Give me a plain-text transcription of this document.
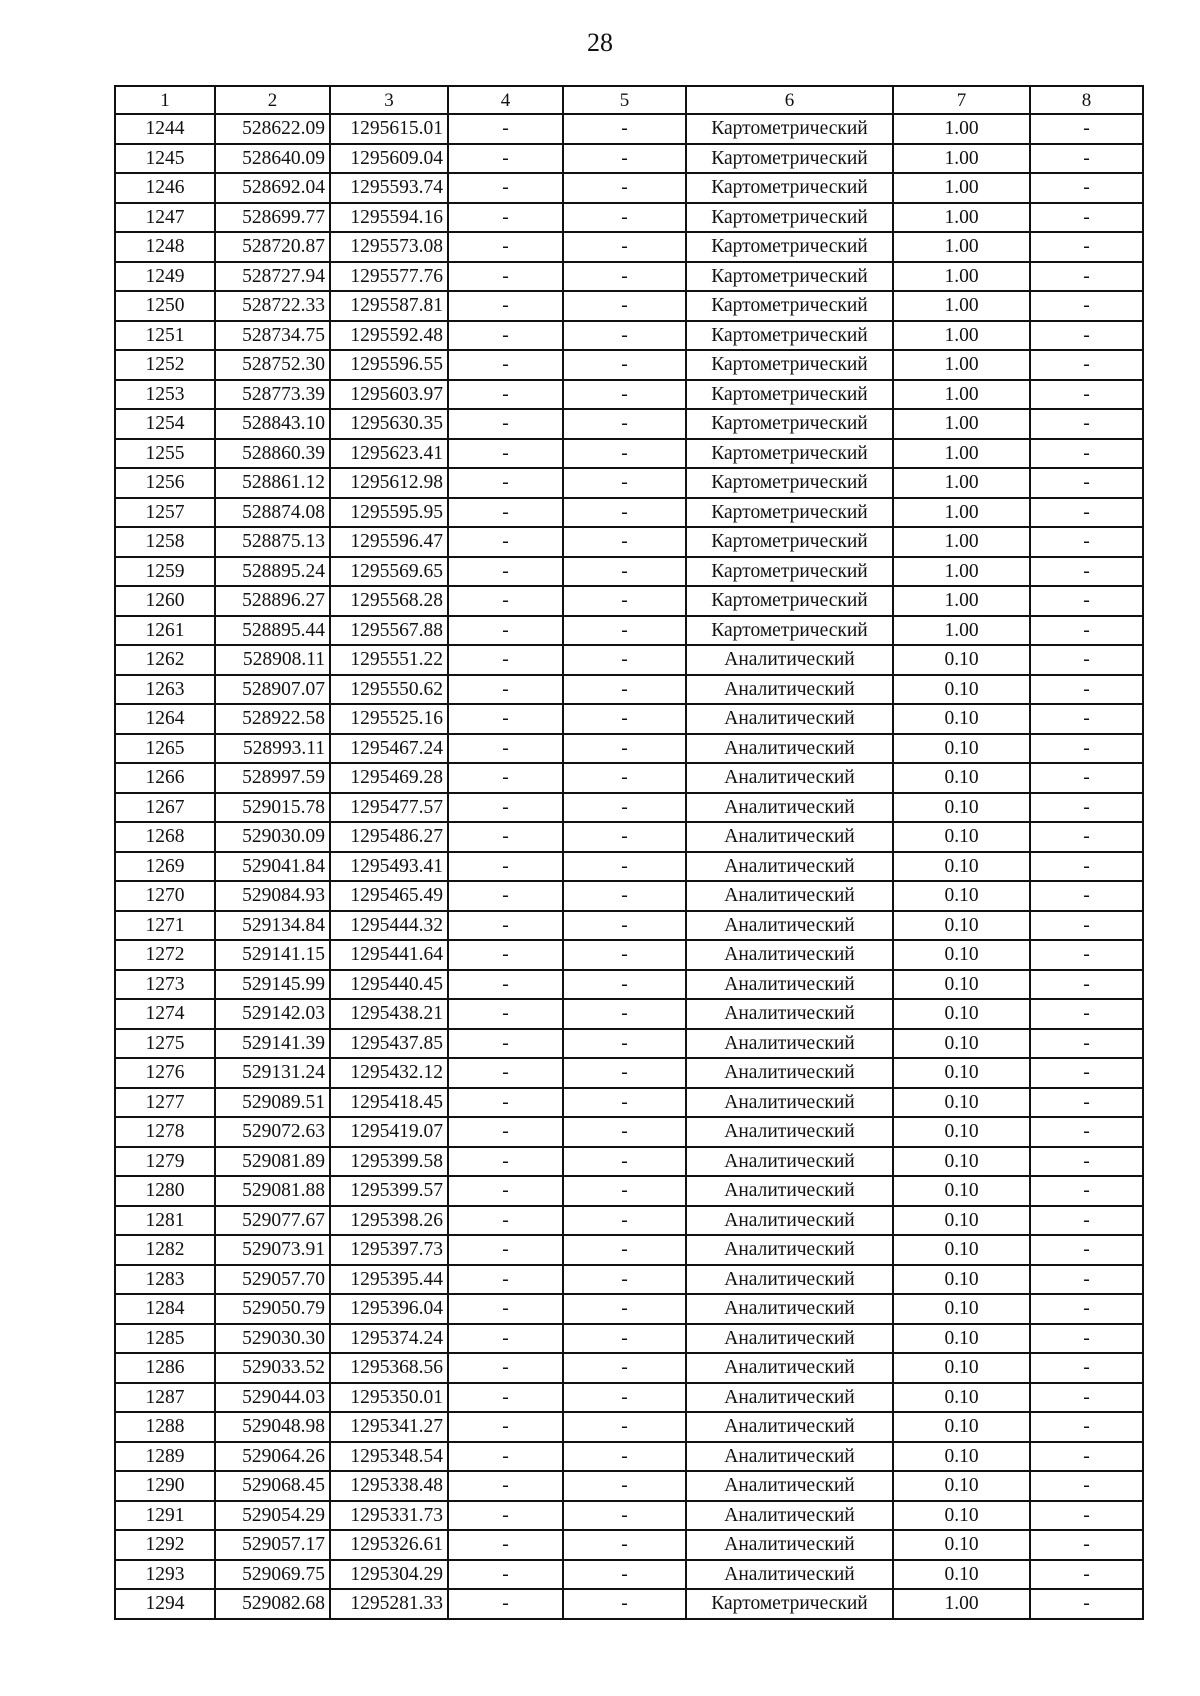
28
1	2	3	4	5	6	7	8
1244	528622.09	1295615.01	-	-	Картометрический	1.00	-
1245	528640.09	1295609.04	-	-	Картометрический	1.00	-
1246	528692.04	1295593.74	-	-	Картометрический	1.00	-
1247	528699.77	1295594.16	-	-	Картометрический	1.00	-
1248	528720.87	1295573.08	-	-	Картометрический	1.00	-
1249	528727.94	1295577.76	-	-	Картометрический	1.00	-
1250	528722.33	1295587.81	-	-	Картометрический	1.00	-
1251	528734.75	1295592.48	-	-	Картометрический	1.00	-
1252	528752.30	1295596.55	-	-	Картометрический	1.00	-
1253	528773.39	1295603.97	-	-	Картометрический	1.00	-
1254	528843.10	1295630.35	-	-	Картометрический	1.00	-
1255	528860.39	1295623.41	-	-	Картометрический	1.00	-
1256	528861.12	1295612.98	-	-	Картометрический	1.00	-
1257	528874.08	1295595.95	-	-	Картометрический	1.00	-
1258	528875.13	1295596.47	-	-	Картометрический	1.00	-
1259	528895.24	1295569.65	-	-	Картометрический	1.00	-
1260	528896.27	1295568.28	-	-	Картометрический	1.00	-
1261	528895.44	1295567.88	-	-	Картометрический	1.00	-
1262	528908.11	1295551.22	-	-	Аналитический	0.10	-
1263	528907.07	1295550.62	-	-	Аналитический	0.10	-
1264	528922.58	1295525.16	-	-	Аналитический	0.10	-
1265	528993.11	1295467.24	-	-	Аналитический	0.10	-
1266	528997.59	1295469.28	-	-	Аналитический	0.10	-
1267	529015.78	1295477.57	-	-	Аналитический	0.10	-
1268	529030.09	1295486.27	-	-	Аналитический	0.10	-
1269	529041.84	1295493.41	-	-	Аналитический	0.10	-
1270	529084.93	1295465.49	-	-	Аналитический	0.10	-
1271	529134.84	1295444.32	-	-	Аналитический	0.10	-
1272	529141.15	1295441.64	-	-	Аналитический	0.10	-
1273	529145.99	1295440.45	-	-	Аналитический	0.10	-
1274	529142.03	1295438.21	-	-	Аналитический	0.10	-
1275	529141.39	1295437.85	-	-	Аналитический	0.10	-
1276	529131.24	1295432.12	-	-	Аналитический	0.10	-
1277	529089.51	1295418.45	-	-	Аналитический	0.10	-
1278	529072.63	1295419.07	-	-	Аналитический	0.10	-
1279	529081.89	1295399.58	-	-	Аналитический	0.10	-
1280	529081.88	1295399.57	-	-	Аналитический	0.10	-
1281	529077.67	1295398.26	-	-	Аналитический	0.10	-
1282	529073.91	1295397.73	-	-	Аналитический	0.10	-
1283	529057.70	1295395.44	-	-	Аналитический	0.10	-
1284	529050.79	1295396.04	-	-	Аналитический	0.10	-
1285	529030.30	1295374.24	-	-	Аналитический	0.10	-
1286	529033.52	1295368.56	-	-	Аналитический	0.10	-
1287	529044.03	1295350.01	-	-	Аналитический	0.10	-
1288	529048.98	1295341.27	-	-	Аналитический	0.10	-
1289	529064.26	1295348.54	-	-	Аналитический	0.10	-
1290	529068.45	1295338.48	-	-	Аналитический	0.10	-
1291	529054.29	1295331.73	-	-	Аналитический	0.10	-
1292	529057.17	1295326.61	-	-	Аналитический	0.10	-
1293	529069.75	1295304.29	-	-	Аналитический	0.10	-
1294	529082.68	1295281.33	-	-	Картометрический	1.00	-
